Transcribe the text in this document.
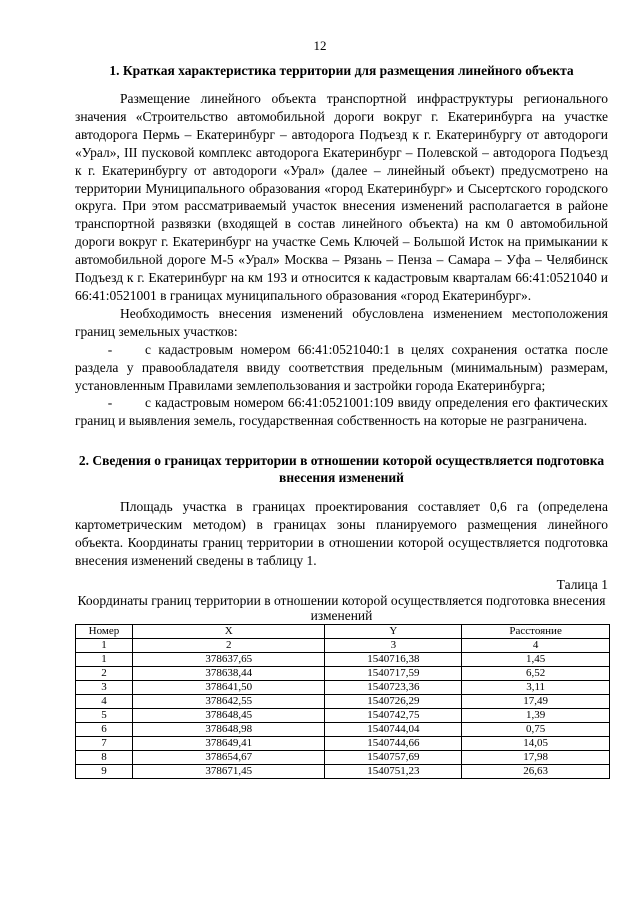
12
1. Краткая характеристика территории для размещения линейного объекта

Размещение линейного объекта транспортной инфраструктуры регионального значения «Строительство автомобильной дороги вокруг г. Екатеринбурга на участке автодорога Пермь – Екатеринбург – автодорога Подъезд к г. Екатеринбургу от автодороги «Урал», III пусковой комплекс автодорога Екатеринбург – Полевской – автодорога Подъезд к г. Екатеринбургу от автодороги «Урал» (далее – линейный объект) предусмотрено на территории Муниципального образования «город Екатеринбург» и Сысертского городского округа. При этом рассматриваемый участок внесения изменений располагается в районе транспортной развязки (входящей в состав линейного объекта) на км 0 автомобильной дороги вокруг г. Екатеринбург на участке Семь Ключей – Большой Исток на примыкании к автомобильной дороге М-5 «Урал» Москва – Рязань – Пенза – Самара – Уфа – Челябинск Подъезд к г. Екатеринбург на км 193 и относится к кадастровым кварталам 66:41:0521040 и 66:41:0521001 в границах муниципального образования «город Екатеринбург».

Необходимость внесения изменений обусловлена изменением местоположения границ земельных участков:

- с кадастровым номером 66:41:0521040:1 в целях сохранения остатка после раздела у правообладателя ввиду соответствия предельным (минимальным) размерам, установленным Правилами землепользования и застройки города Екатеринбурга;
- с кадастровым номером 66:41:0521001:109 ввиду определения его фактических границ и выявления земель, государственная собственность на которые не разграничена.
2. Сведения о границах территории в отношении которой осуществляется подготовка внесения изменений

Площадь участка в границах проектирования составляет 0,6 га (определена картометрическим методом) в границах зоны планируемого размещения линейного объекта. Координаты границ территории в отношении которой осуществляется подготовка внесения изменений сведены в таблицу 1.

Талица 1
Координаты границ территории в отношении которой осуществляется подготовка внесения изменений
Номер	X	Y	Расстояние
1	2	3	4
1	378637,65	1540716,38	1,45
2	378638,44	1540717,59	6,52
3	378641,50	1540723,36	3,11
4	378642,55	1540726,29	17,49
5	378648,45	1540742,75	1,39
6	378648,98	1540744,04	0,75
7	378649,41	1540744,66	14,05
8	378654,67	1540757,69	17,98
9	378671,45	1540751,23	26,63
